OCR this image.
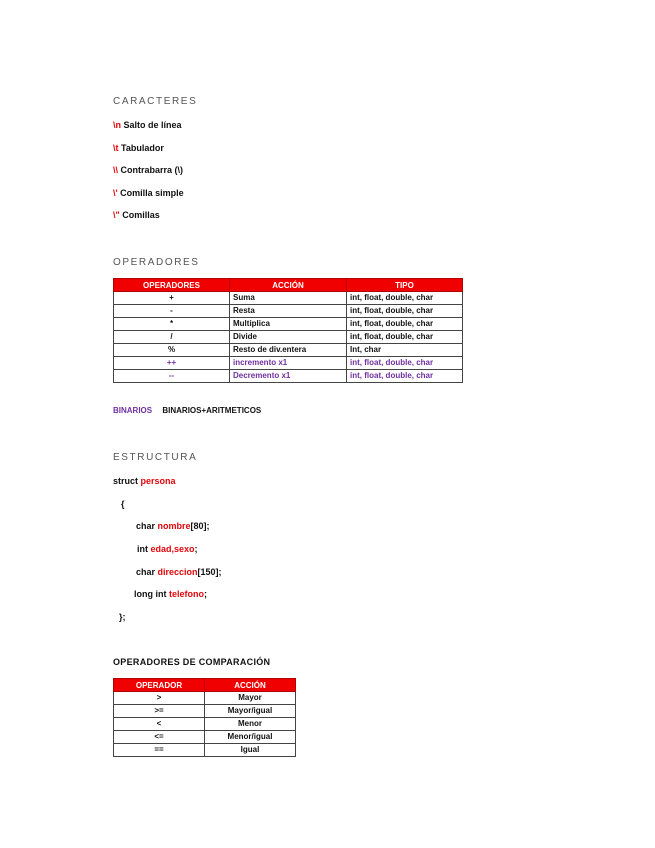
CARACTERES
\n Salto de línea
\t Tabulador
\\ Contrabarra (\)
\' Comilla simple
\" Comillas
OPERADORES
OPERADORES	ACCIÓN	TIPO
+	Suma	int, float, double, char
-	Resta	int, float, double, char
*	Multiplica	int, float, double, char
/	Divide	int, float, double, char
%	Resto de div.entera	Int, char
++	incremento x1	int, float, double, char
--	Decremento x1	int, float, double, char
BINARIOS BINARIOS+ARITMETICOS
ESTRUCTURA
struct persona
{
char nombre[80];
int edad,sexo;
char direccion[150];
long int telefono;
};
OPERADORES DE COMPARACIÓN
OPERADOR	ACCIÓN
>	Mayor
>=	Mayor/igual
<	Menor
<=	Menor/igual
==	Igual
